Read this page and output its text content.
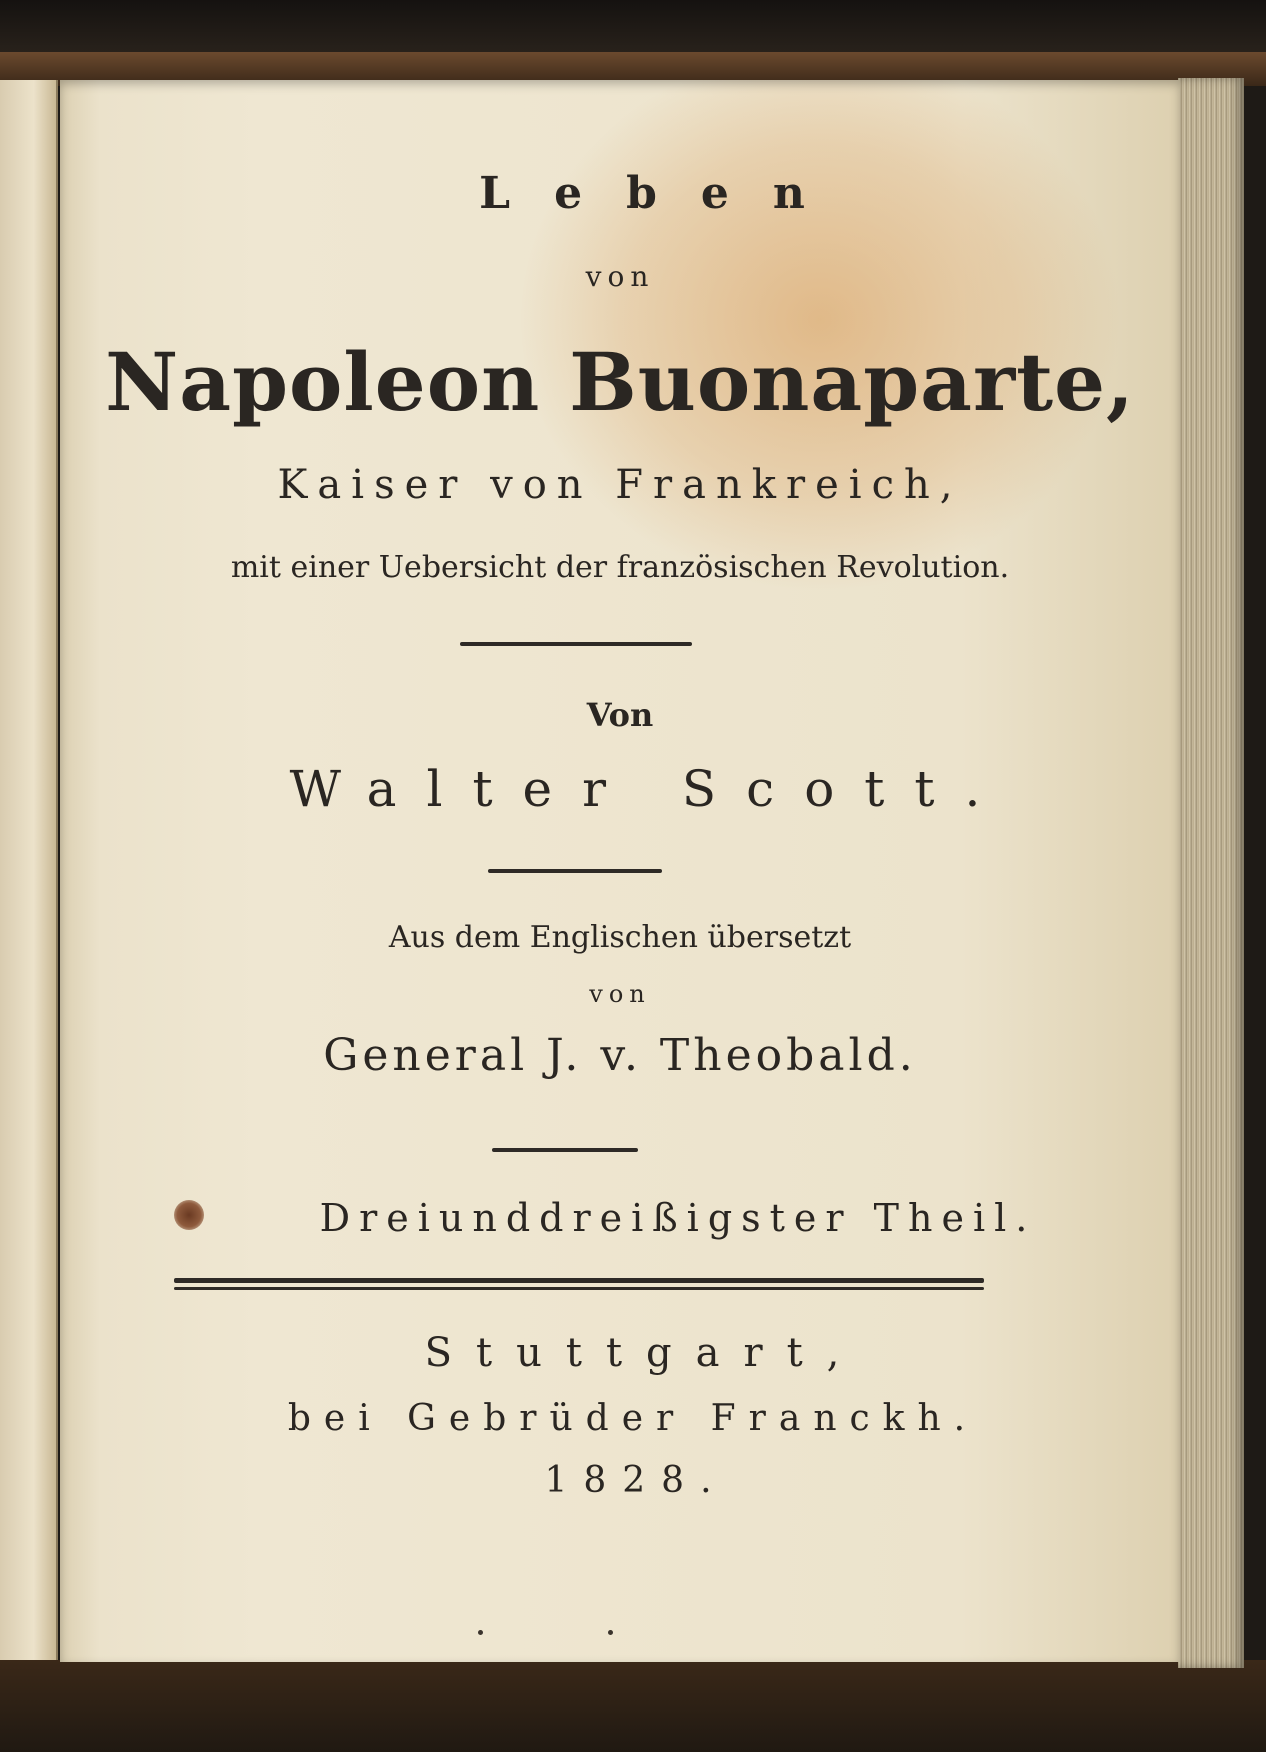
Leben
von
Napoleon Buonaparte,
Kaiser von Frankreich,
mit einer Uebersicht der französischen Revolution.
Von
Walter Scott.
Aus dem Englischen übersetzt
von
General J. v. Theobald.
Dreiunddreißigster Theil.
Stuttgart,
bei Gebrüder Franckh.
1828.
